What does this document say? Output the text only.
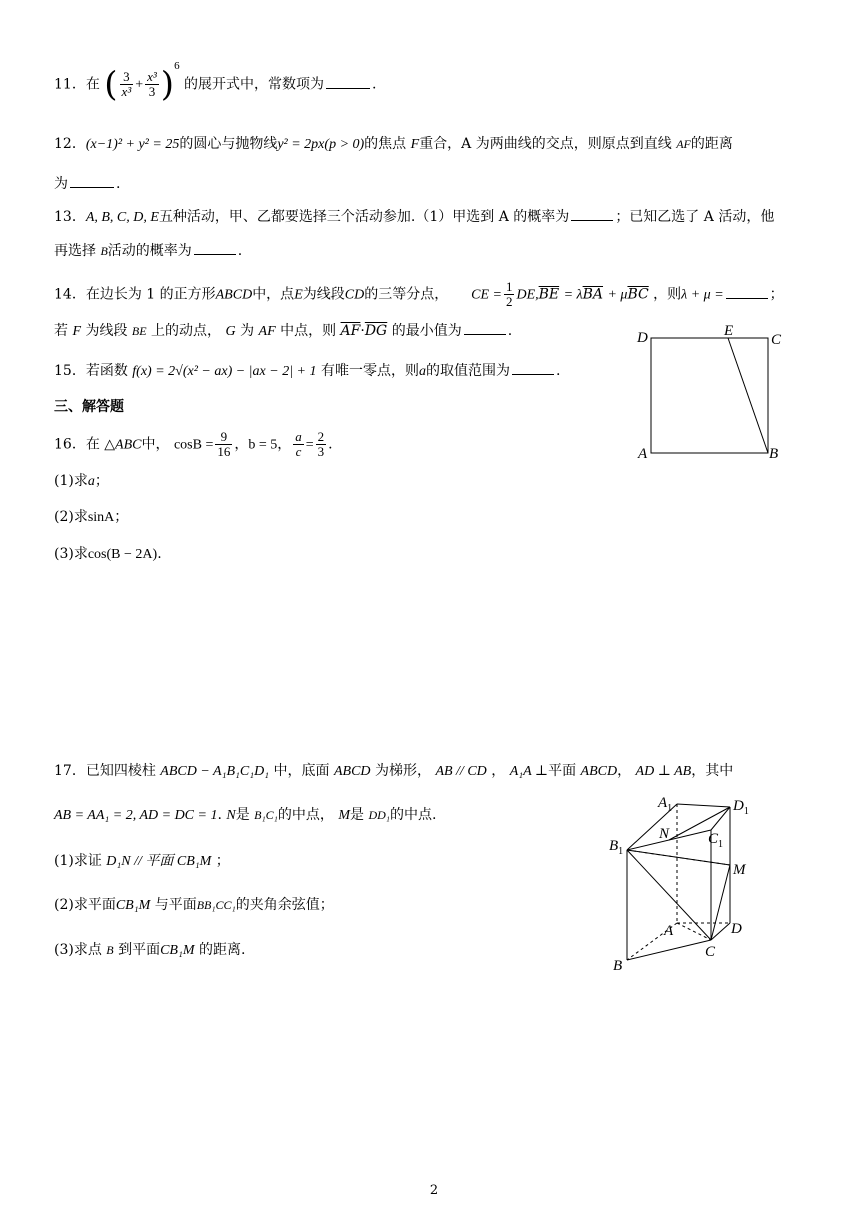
11．在 ( $\frac{3}{\text{x³}} + \frac{\text{x³}}{3} )^6$ 的展开式中，常数项为	.
12．(x−1)² + y² = 25的圆心与抛物线y² = 2px(p > 0)的焦点 F重合，A 为两曲线的交点，则原点到直线 AF的距离
为	.
13．A, B, C, D, E五种活动，甲、乙都要选择三个活动参加.（1）甲选到 A 的概率为	；已知乙选了 A 活动，他
再选择 B活动的概率为	.
14．在边长为 1 的正方形ABCD中，点E为线段CD的三等分点， CE = $\frac{1}{2} DE,\overline{BE} = \lambda\overline{BA} + \mu\overline{BC}$ ，则λ + μ =	；
若 F 为线段 BE 上的动点， G 为 AF 中点，则 $\overline{AF}\cdot\overline{DG}$ 的最小值为	.
15．若函数 f(x) = 2√(x² − ax) − |ax − 2| + 1 有唯一零点，则a的取值范围为	.
三、解答题
16．在 △ABC中， $\cos B = \frac{9}{16}$ ，b = 5， $\frac{a}{c} = \frac{2}{3}$ .
(1)求a；
(2)求sinA；
(3)求cos(B − 2A).
17．已知四棱柱 ABCD − A₁B₁C₁D₁ 中，底面 ABCD 为梯形， AB // CD ， A₁A ⊥平面 ABCD， AD ⊥ AB，其中
AB = AA₁ = 2, AD = DC = 1. N是 B₁C₁的中点， M是 DD₁的中点.
(1)求证 D₁N // 平面 CB₁M ；
(2)求平面CB₁M 与平面BB₁CC₁的夹角余弦值；
(3)求点 B 到平面CB₁M 的距离.
D	E
C
A	B
$A_1$	$D_1$
N	$C_1$
$B_1$
M
A	D
B
C
2
